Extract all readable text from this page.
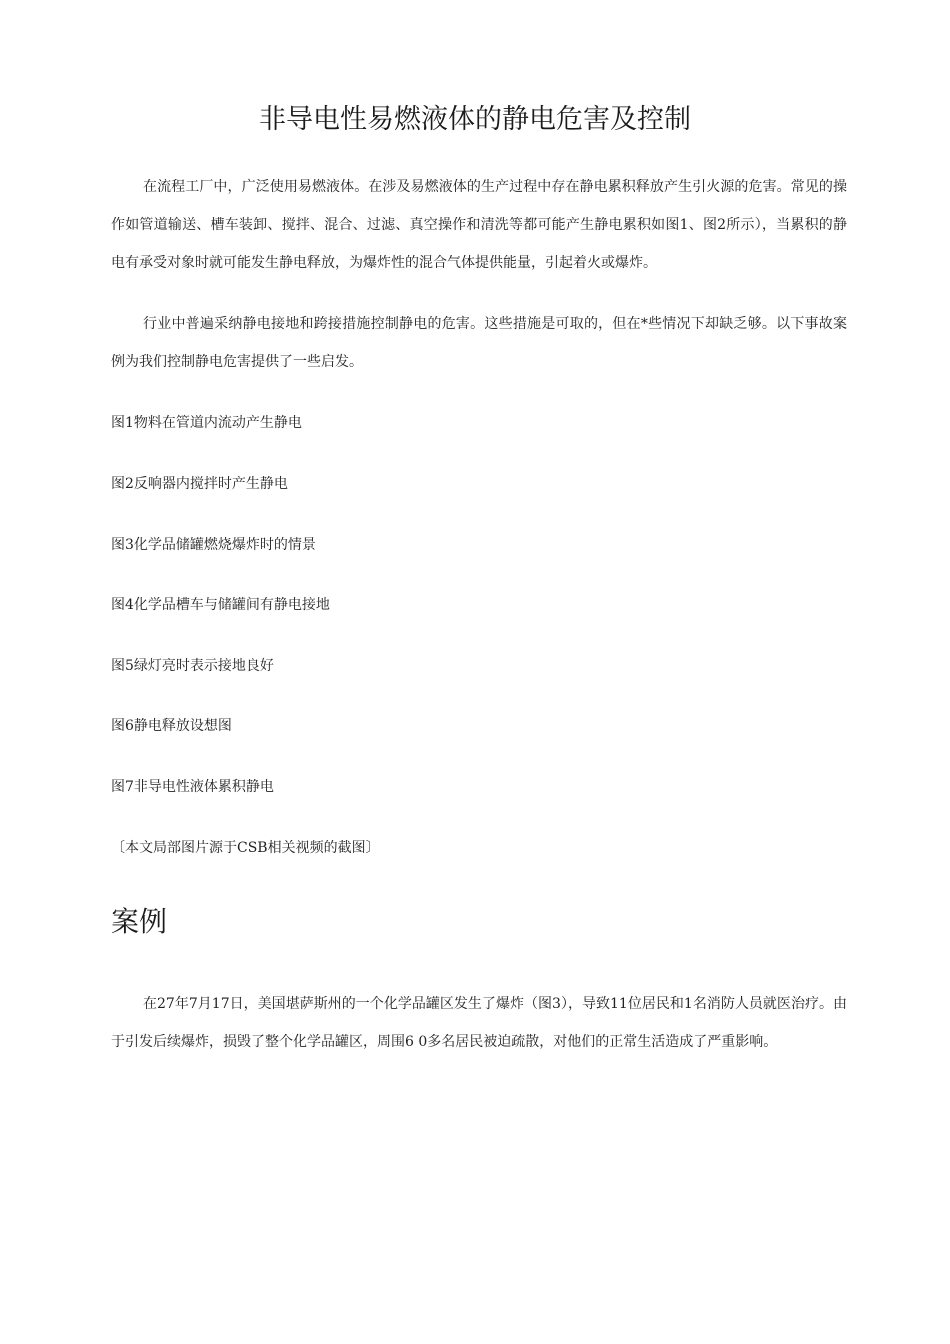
非导电性易燃液体的静电危害及控制

在流程工厂中，广泛使用易燃液体。在涉及易燃液体的生产过程中存在静电累积释放产生引火源的危害。常见的操作如管道输送、槽车装卸、搅拌、混合、过滤、真空操作和清洗等都可能产生静电累积如图1、图2所示），当累积的静电有承受对象时就可能发生静电释放，为爆炸性的混合气体提供能量，引起着火或爆炸。

行业中普遍采纳静电接地和跨接措施控制静电的危害。这些措施是可取的，但在*些情况下却缺乏够。以下事故案例为我们控制静电危害提供了一些启发。

图1物料在管道内流动产生静电

图2反响器内搅拌时产生静电

图3化学品储罐燃烧爆炸时的情景

图4化学品槽车与储罐间有静电接地

图5绿灯亮时表示接地良好

图6静电释放设想图

图7非导电性液体累积静电

〔本文局部图片源于CSB相关视频的截图〕

案例

在27年7月17日，美国堪萨斯州的一个化学品罐区发生了爆炸（图3），导致11位居民和1名消防人员就医治疗。由于引发后续爆炸，损毁了整个化学品罐区，周围6 0多名居民被迫疏散，对他们的正常生活造成了严重影响。
